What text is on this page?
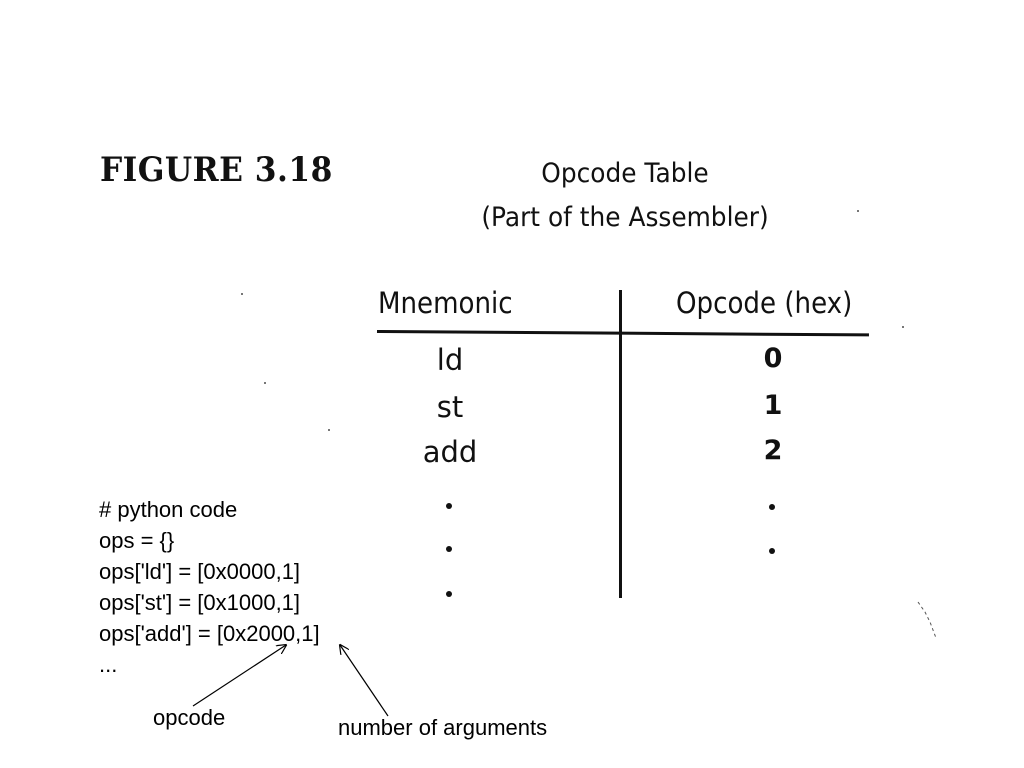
FIGURE 3.18	Opcode Table
(Part of the Assembler)
Mnemonic	Opcode (hex)
ld	0
st	1
add	2
# python code
ops = {}
ops['ld'] = [0x0000,1]
ops['st'] = [0x1000,1]
ops['add'] = [0x2000,1]
...
opcode	number of arguments
